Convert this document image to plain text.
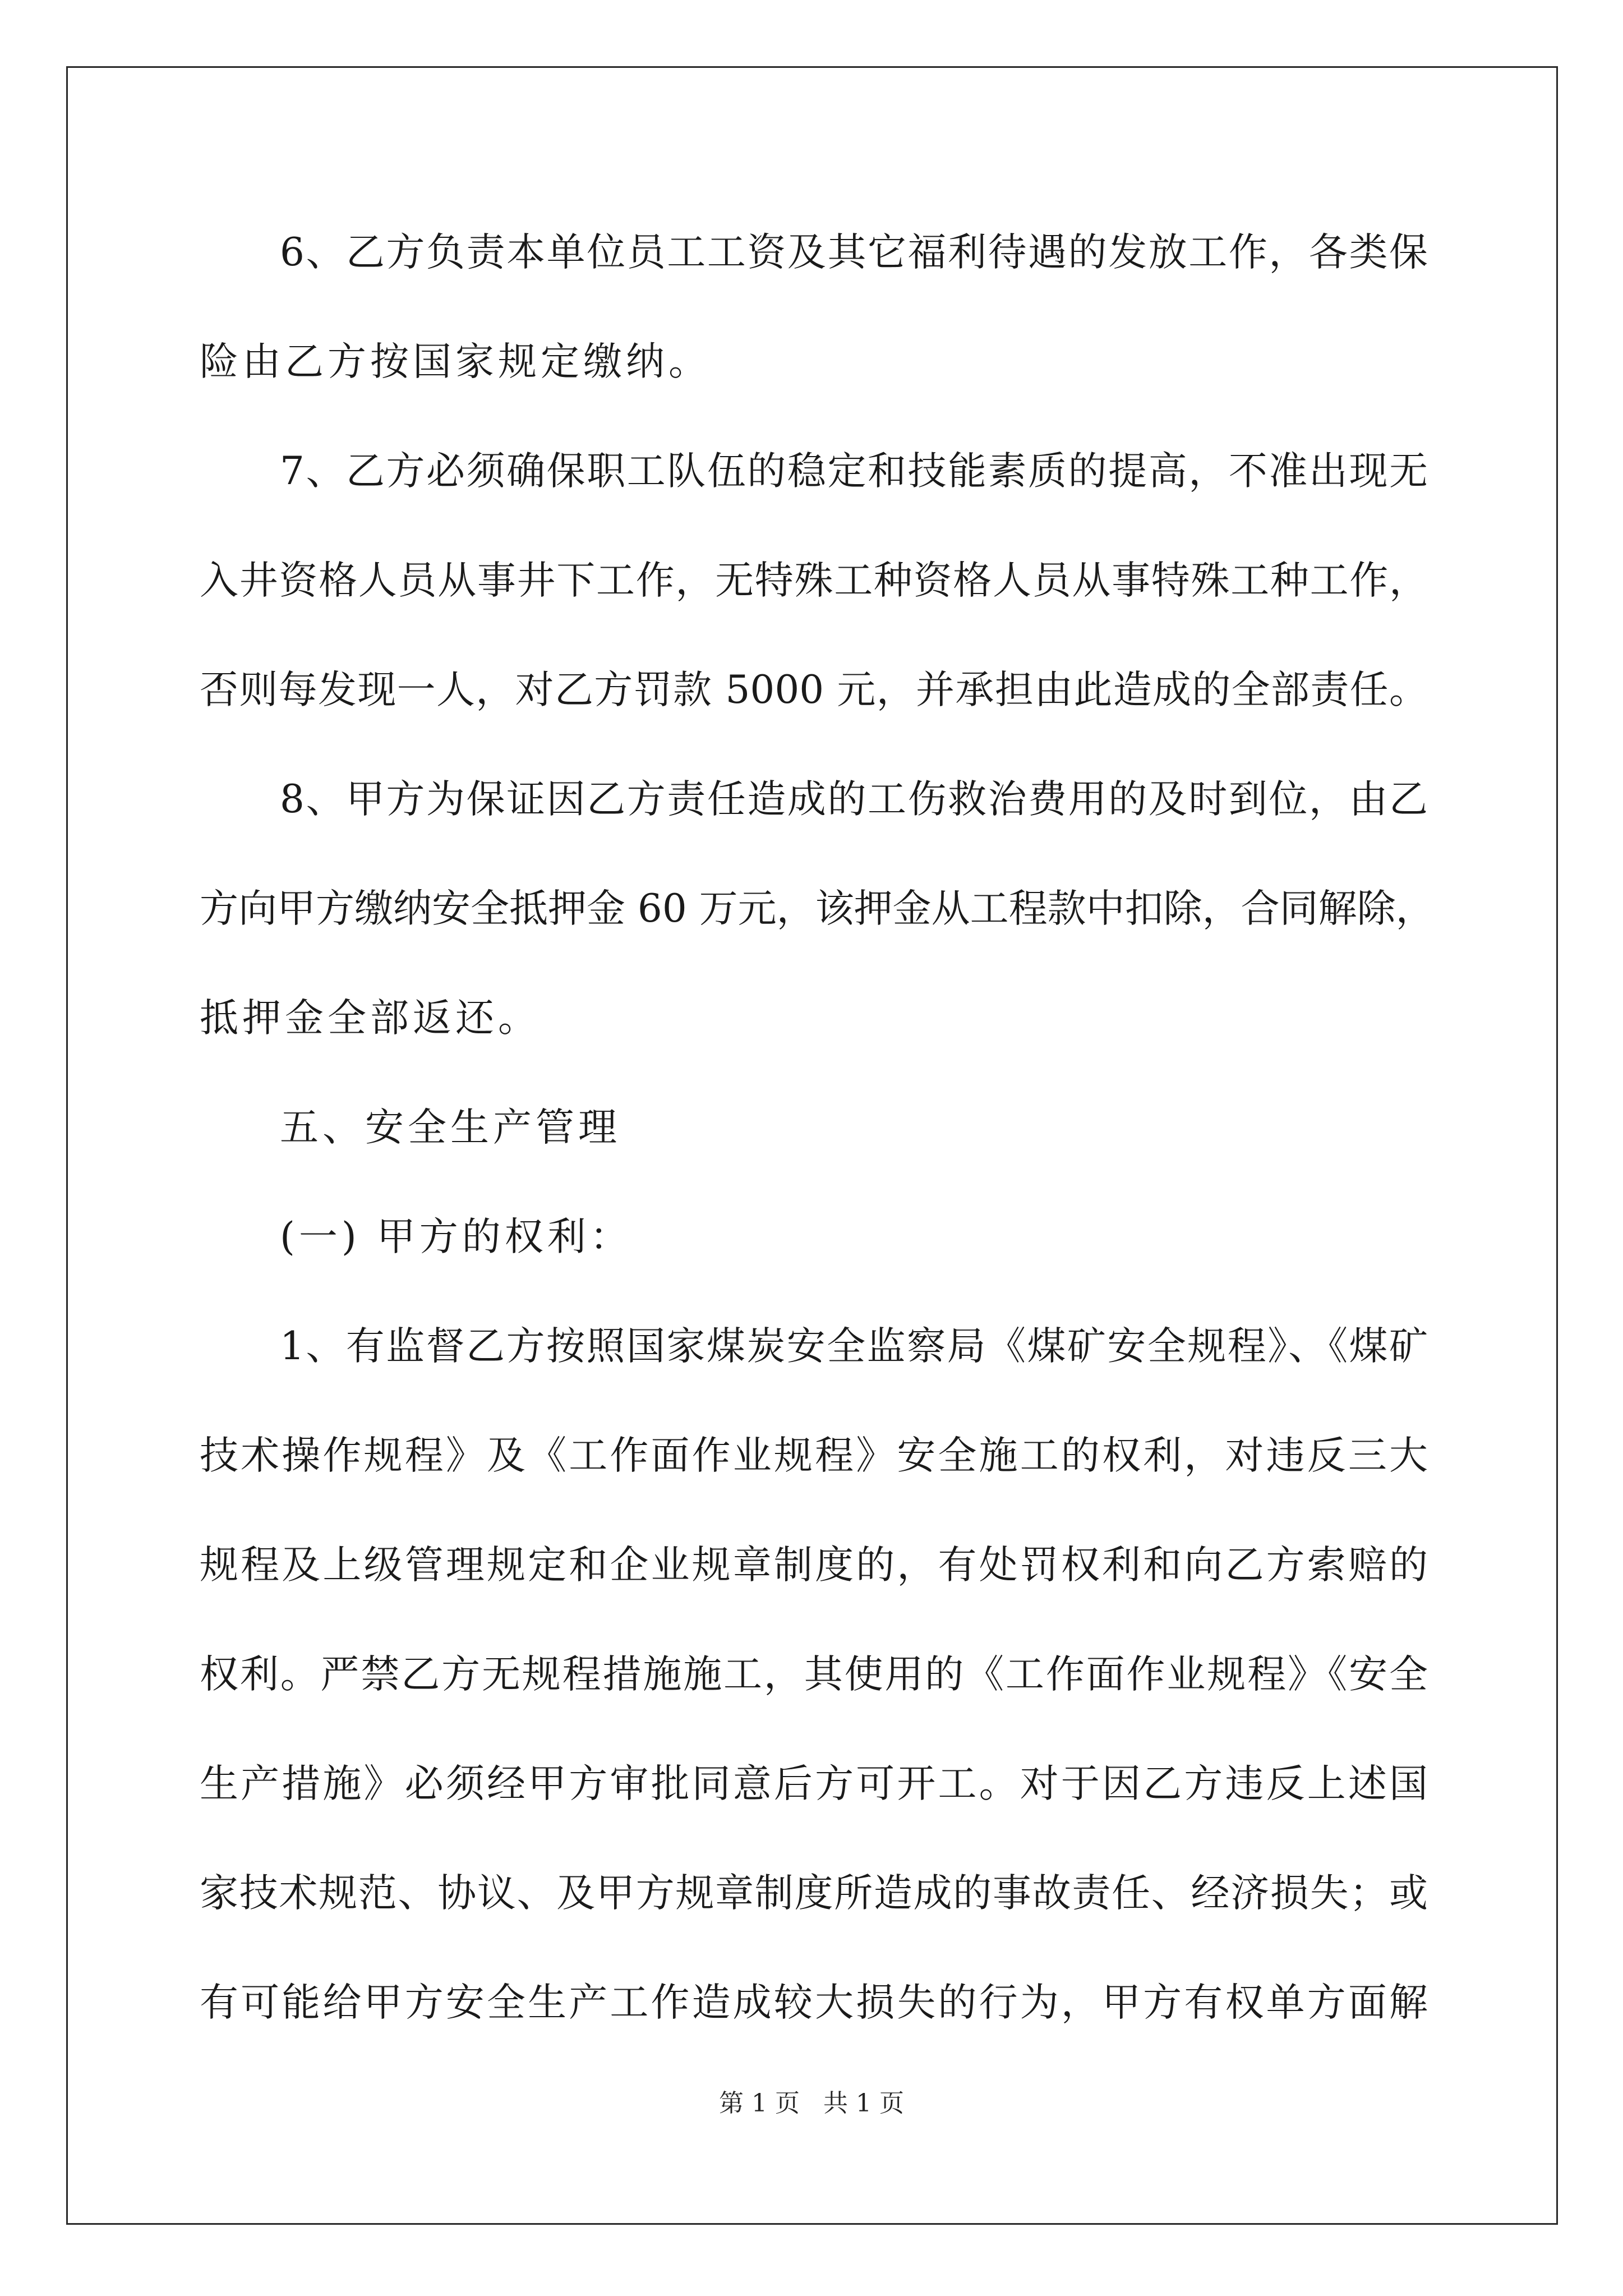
6、乙方负责本单位员工工资及其它福利待遇的发放工作，各类保
险由乙方按国家规定缴纳。
7、乙方必须确保职工队伍的稳定和技能素质的提高，不准出现无
入井资格人员从事井下工作，无特殊工种资格人员从事特殊工种工作，
否则每发现一人，对乙方罚款 5000 元，并承担由此造成的全部责任。
8、甲方为保证因乙方责任造成的工伤救治费用的及时到位，由乙
方向甲方缴纳安全抵押金 60 万元，该押金从工程款中扣除，合同解除，
抵押金全部返还。
五、安全生产管理
(一) 甲方的权利：
1、有监督乙方按照国家煤炭安全监察局《煤矿安全规程》、《煤矿
技术操作规程》及《工作面作业规程》安全施工的权利，对违反三大
规程及上级管理规定和企业规章制度的，有处罚权利和向乙方索赔的
权利。严禁乙方无规程措施施工，其使用的《工作面作业规程》《安全
生产措施》必须经甲方审批同意后方可开工。对于因乙方违反上述国
家技术规范、协议、及甲方规章制度所造成的事故责任、经济损失；或
有可能给甲方安全生产工作造成较大损失的行为，甲方有权单方面解
第 1 页   共 1 页
